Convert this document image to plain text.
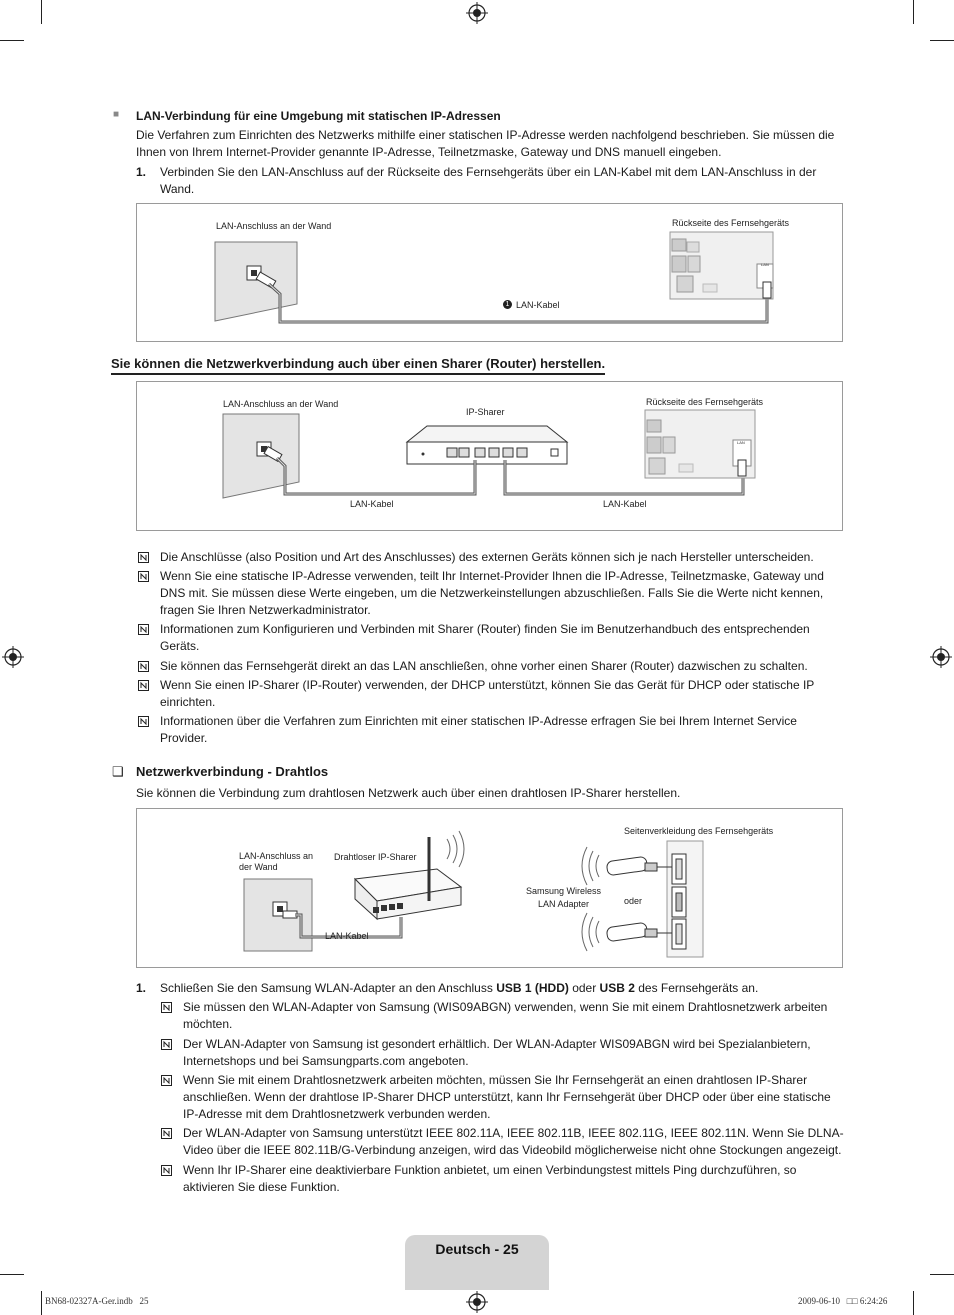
■ LAN-Verbindung für eine Umgebung mit statischen IP-Adressen
Die Verfahren zum Einrichten des Netzwerks mithilfe einer statischen IP-Adresse werden nachfolgend beschrieben. Sie müssen die Ihnen von Ihrem Internet-Provider genannte IP-Adresse, Teilnetzmaske, Gateway und DNS manuell eingeben.
1. Verbinden Sie den LAN-Anschluss auf der Rückseite des Fernsehgeräts über ein LAN-Kabel mit dem LAN-Anschluss in der Wand.
LAN-Anschluss an der Wand	Rückseite des Fernsehgeräts
LAN
1 LAN-Kabel
Sie können die Netzwerkverbindung auch über einen Sharer (Router) herstellen.
LAN-Anschluss an der Wand
IP-Sharer
Rückseite des Fernsehgeräts
LAN
LAN-Kabel	LAN-Kabel
Die Anschlüsse (also Position und Art des Anschlusses) des externen Geräts können sich je nach Hersteller unterscheiden.
Wenn Sie eine statische IP-Adresse verwenden, teilt Ihr Internet-Provider Ihnen die IP-Adresse, Teilnetzmaske, Gateway und DNS mit. Sie müssen diese Werte eingeben, um die Netzwerkeinstellungen abzuschließen. Falls Sie die Werte nicht kennen, fragen Sie Ihren Netzwerkadministrator.
Informationen zum Konfigurieren und Verbinden mit Sharer (Router) finden Sie im Benutzerhandbuch des entsprechenden Geräts.
Sie können das Fernsehgerät direkt an das LAN anschließen, ohne vorher einen Sharer (Router) dazwischen zu schalten.
Wenn Sie einen IP-Sharer (IP-Router) verwenden, der DHCP unterstützt, können Sie das Gerät für DHCP oder statische IP einrichten.
Informationen über die Verfahren zum Einrichten mit einer statischen IP-Adresse erfragen Sie bei Ihrem Internet Service Provider.
❑ Netzwerkverbindung - Drahtlos
Sie können die Verbindung zum drahtlosen Netzwerk auch über einen drahtlosen IP-Sharer herstellen.
LAN-Anschluss an
der Wand
Drahtloser IP-Sharer
LAN-Kabel
Seitenverkleidung des Fernsehgeräts
Samsung Wireless
LAN Adapter	oder
1. Schließen Sie den Samsung WLAN-Adapter an den Anschluss USB 1 (HDD) oder USB 2 des Fernsehgeräts an.
Sie müssen den WLAN-Adapter von Samsung (WIS09ABGN) verwenden, wenn Sie mit einem Drahtlosnetzwerk arbeiten möchten.
Der WLAN-Adapter von Samsung ist gesondert erhältlich. Der WLAN-Adapter WIS09ABGN wird bei Spezialanbietern, Internetshops und bei Samsungparts.com angeboten.
Wenn Sie mit einem Drahtlosnetzwerk arbeiten möchten, müssen Sie Ihr Fernsehgerät an einen drahtlosen IP-Sharer anschließen. Wenn der drahtlose IP-Sharer DHCP unterstützt, kann Ihr Fernsehgerät über DHCP oder über eine statische IP-Adresse mit dem Drahtlosnetzwerk verbunden werden.
Der WLAN-Adapter von Samsung unterstützt IEEE 802.11A, IEEE 802.11B, IEEE 802.11G, IEEE 802.11N. Wenn Sie DLNA-Video über die IEEE 802.11B/G-Verbindung anzeigen, wird das Videobild möglicherweise nicht ohne Stockungen angezeigt.
Wenn Ihr IP-Sharer eine deaktivierbare Funktion anbietet, um einen Verbindungstest mittels Ping durchzuführen, so aktivieren Sie diese Funktion.
Deutsch - 25
BN68-02327A-Ger.indb   25	2009-06-10   □□ 6:24:26
